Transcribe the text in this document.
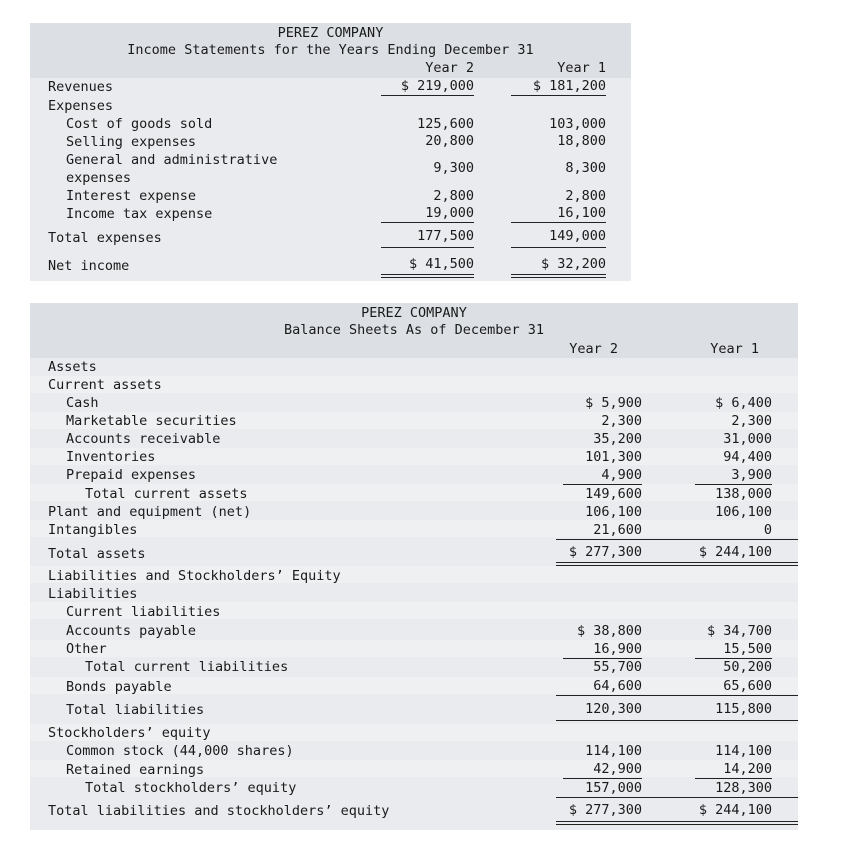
PEREZ COMPANY
Income Statements for the Years Ending December 31
Year 2	Year 1
Revenues	$ 219,000	$ 181,200
Expenses
Cost of goods sold	125,600	103,000
Selling expenses	20,800	18,800
General and administrative
expenses
9,300	8,300
Interest expense	2,800	2,800
Income tax expense	19,000	16,100
Total expenses	177,500	149,000
Net income	$ 41,500	$ 32,200
PEREZ COMPANY
Balance Sheets As of December 31
Year 2	Year 1
Assets
Current assets
Cash	$ 5,900	$ 6,400
Marketable securities	2,300	2,300
Accounts receivable	35,200	31,000
Inventories	101,300	94,400
Prepaid expenses	4,900	3,900
Total current assets	149,600	138,000
Plant and equipment (net)	106,100	106,100
Intangibles	21,600	0
Total assets	$ 277,300	$ 244,100
Liabilities and Stockholders’ Equity
Liabilities
Current liabilities
Accounts payable	$ 38,800	$ 34,700
Other	16,900	15,500
Total current liabilities	55,700	50,200
Bonds payable	64,600	65,600
Total liabilities	120,300	115,800
Stockholders’ equity
Common stock (44,000 shares)	114,100	114,100
Retained earnings	42,900	14,200
Total stockholders’ equity	157,000	128,300
Total liabilities and stockholders’ equity	$ 277,300	$ 244,100
